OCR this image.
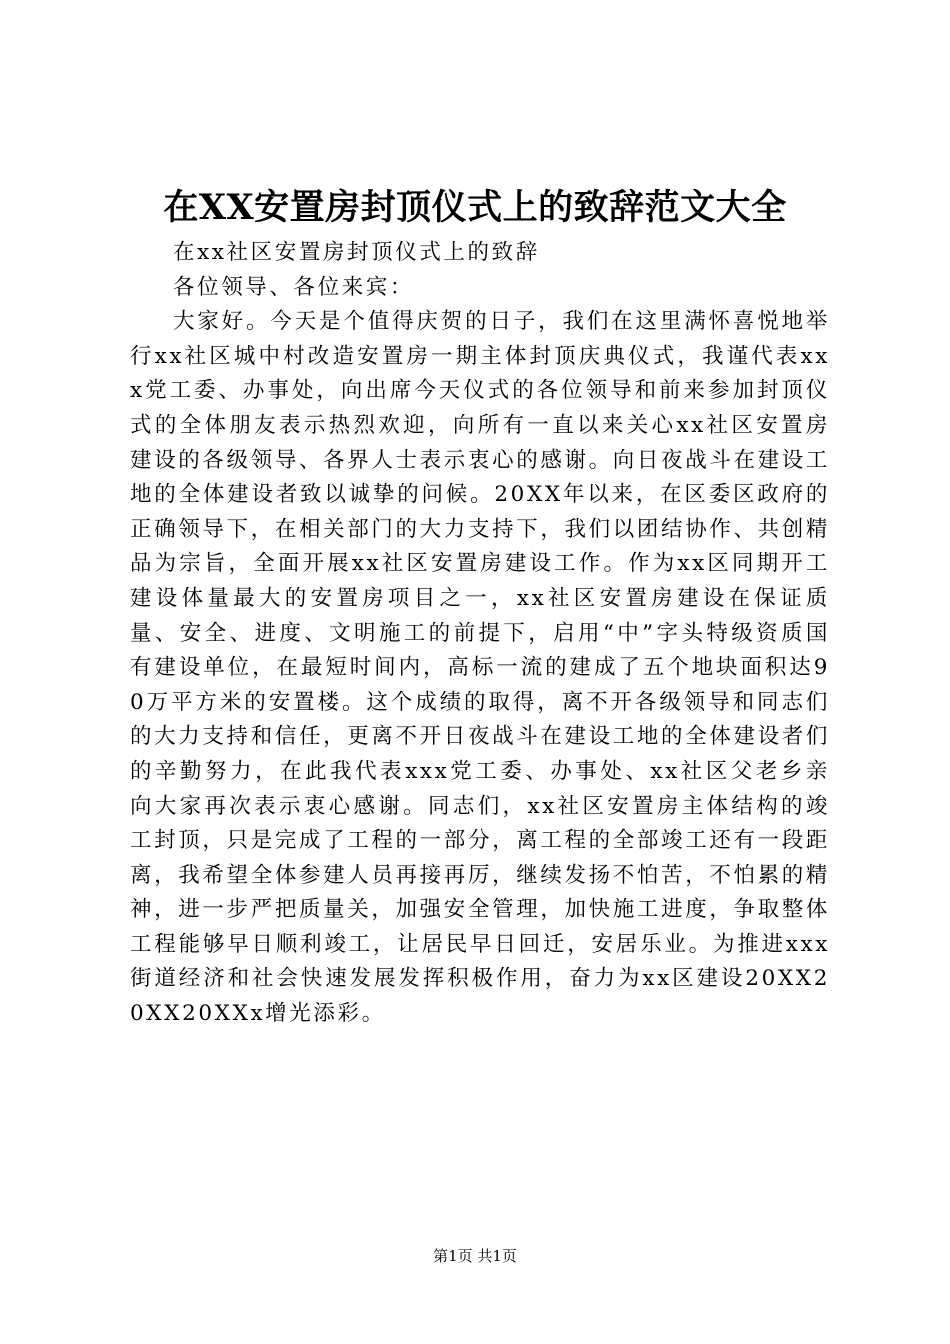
在XX安置房封顶仪式上的致辞范文大全

在xx社区安置房封顶仪式上的致辞

各位领导、各位来宾：

大家好。今天是个值得庆贺的日子，我们在这里满怀喜悦地举行xx社区城中村改造安置房一期主体封顶庆典仪式，我谨代表xxx党工委、办事处，向出席今天仪式的各位领导和前来参加封顶仪式的全体朋友表示热烈欢迎，向所有一直以来关心xx社区安置房建设的各级领导、各界人士表示衷心的感谢。向日夜战斗在建设工地的全体建设者致以诚挚的问候。20XX年以来，在区委区政府的正确领导下，在相关部门的大力支持下，我们以团结协作、共创精品为宗旨，全面开展xx社区安置房建设工作。作为xx区同期开工建设体量最大的安置房项目之一，xx社区安置房建设在保证质量、安全、进度、文明施工的前提下，启用“中”字头特级资质国有建设单位，在最短时间内，高标一流的建成了五个地块面积达90万平方米的安置楼。这个成绩的取得，离不开各级领导和同志们的大力支持和信任，更离不开日夜战斗在建设工地的全体建设者们的辛勤努力，在此我代表xxx党工委、办事处、xx社区父老乡亲向大家再次表示衷心感谢。同志们，xx社区安置房主体结构的竣工封顶，只是完成了工程的一部分，离工程的全部竣工还有一段距离，我希望全体参建人员再接再厉，继续发扬不怕苦，不怕累的精神，进一步严把质量关，加强安全管理，加快施工进度，争取整体工程能够早日顺利竣工，让居民早日回迁，安居乐业。为推进xxx街道经济和社会快速发展发挥积极作用，奋力为xx区建设20XX20XX20XXx增光添彩。

第1页 共1页
